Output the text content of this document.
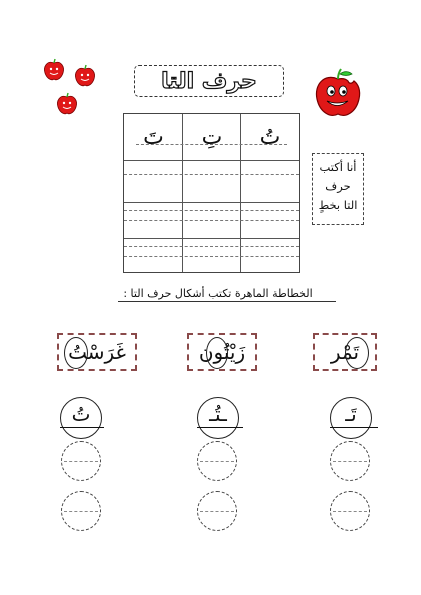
حرف التا
تَ	تِ	تُ
أنا أكتب
حرف
التا بخطٍ
الخطاطة الماهرة تكتب أشكال حرف التا :
غَرَسْتُ	زَيْتُون	تَمْر
تُ	ـتُـ	تَـ
